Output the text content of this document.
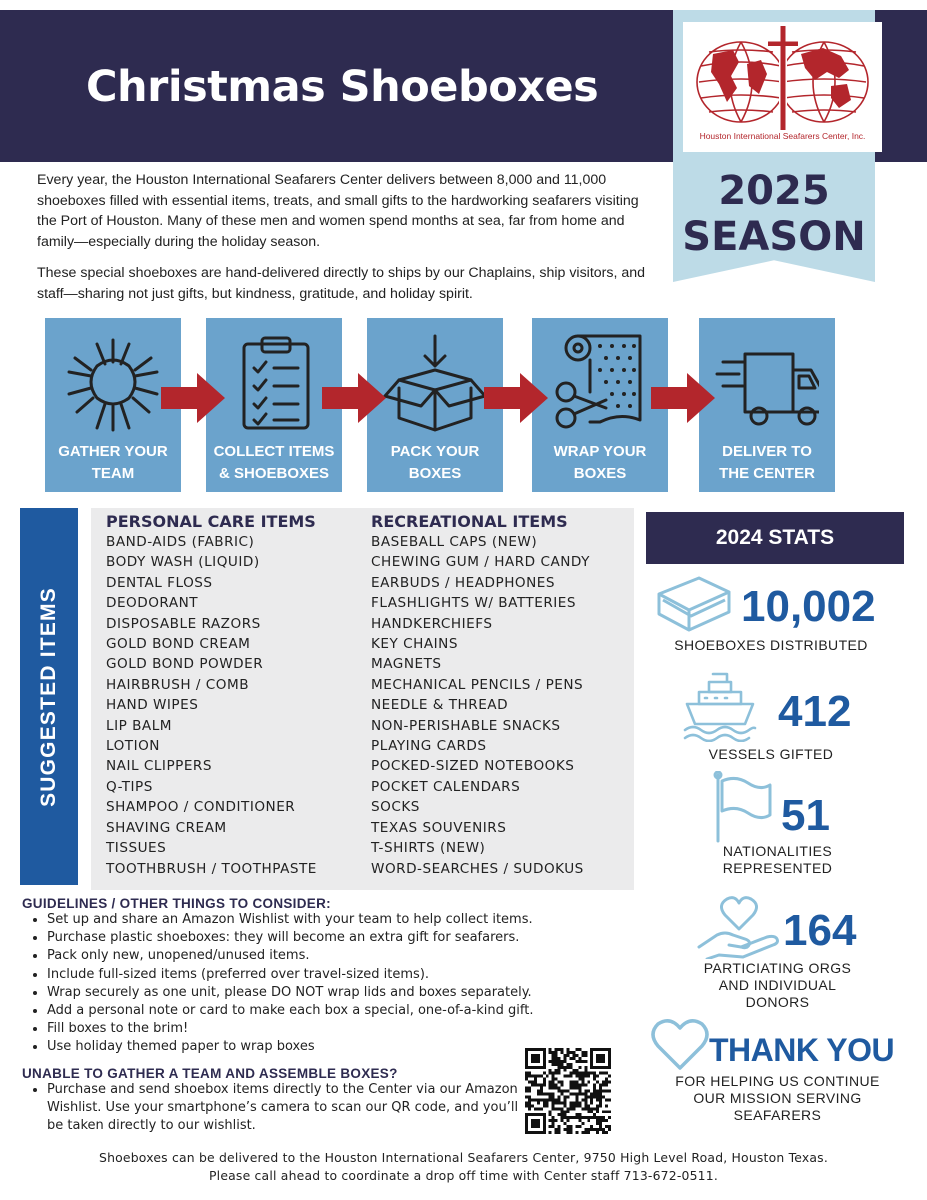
Christmas Shoeboxes
Houston International Seafarers Center, Inc.
2025
SEASON

Every year, the Houston International Seafarers Center delivers between 8,000 and 11,000 shoeboxes filled with essential items, treats, and small gifts to the hardworking seafarers visiting the Port of Houston. Many of these men and women spend months at sea, far from home and family—especially during the holiday season.

These special shoeboxes are hand-delivered directly to ships by our Chaplains, ship visitors, and staff—sharing not just gifts, but kindness, gratitude, and holiday spirit.

GATHER YOUR
TEAM
COLLECT ITEMS
& SHOEBOXES
PACK YOUR
BOXES
WRAP YOUR
BOXES
DELIVER TO
THE CENTER
SUGGESTED ITEMS
PERSONAL CARE ITEMS
BAND-AIDS (FABRIC)
BODY WASH (LIQUID)
DENTAL FLOSS
DEODORANT
DISPOSABLE RAZORS
GOLD BOND CREAM
GOLD BOND POWDER
HAIRBRUSH / COMB
HAND WIPES
LIP BALM
LOTION
NAIL CLIPPERS
Q-TIPS
SHAMPOO / CONDITIONER
SHAVING CREAM
TISSUES
TOOTHBRUSH / TOOTHPASTE
RECREATIONAL ITEMS
BASEBALL CAPS (NEW)
CHEWING GUM / HARD CANDY
EARBUDS / HEADPHONES
FLASHLIGHTS W/ BATTERIES
HANDKERCHIEFS
KEY CHAINS
MAGNETS
MECHANICAL PENCILS / PENS
NEEDLE & THREAD
NON-PERISHABLE SNACKS
PLAYING CARDS
POCKED-SIZED NOTEBOOKS
POCKET CALENDARS
SOCKS
TEXAS SOUVENIRS
T-SHIRTS (NEW)
WORD-SEARCHES / SUDOKUS
2024 STATS
10,002
SHOEBOXES DISTRIBUTED
412
VESSELS GIFTED
51
NATIONALITIES
REPRESENTED
164
PARTICIATING ORGS
AND INDIVIDUAL
DONORS
THANK YOU
FOR HELPING US CONTINUE
OUR MISSION SERVING
SEAFARERS
GUIDELINES / OTHER THINGS TO CONSIDER:
• Set up and share an Amazon Wishlist with your team to help collect items.
• Purchase plastic shoeboxes: they will become an extra gift for seafarers.
• Pack only new, unopened/unused items.
• Include full-sized items (preferred over travel-sized items).
• Wrap securely as one unit, please DO NOT wrap lids and boxes separately.
• Add a personal note or card to make each box a special, one-of-a-kind gift.
• Fill boxes to the brim!
• Use holiday themed paper to wrap boxes
UNABLE TO GATHER A TEAM AND ASSEMBLE BOXES?
• Purchase and send shoebox items directly to the Center via our Amazon Wishlist. Use your smartphone’s camera to scan our QR code, and you’ll be taken directly to our wishlist.
Shoeboxes can be delivered to the Houston International Seafarers Center, 9750 High Level Road, Houston Texas.
Please call ahead to coordinate a drop off time with Center staff 713-672-0511.
